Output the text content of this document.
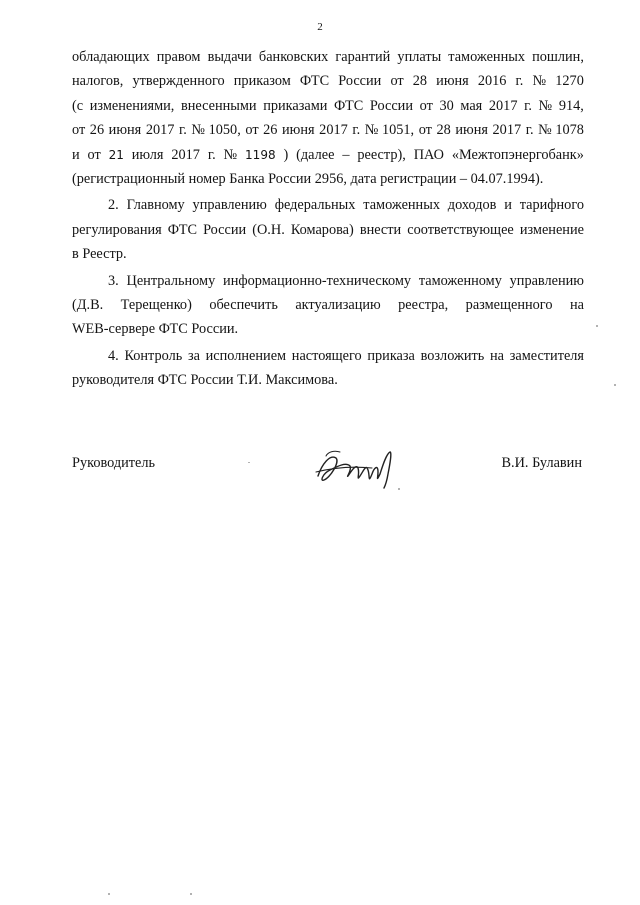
2
обладающих правом выдачи банковских гарантий уплаты таможенных пошлин,
налогов, утвержденного приказом ФТС России от 28 июня 2016 г. № 1270
(с изменениями, внесенными приказами ФТС России от 30 мая 2017 г. № 914,
от 26 июня 2017 г. № 1050, от 26 июня 2017 г. № 1051, от 28 июня 2017 г. № 1078
и от 21 июля 2017 г. № 1198 ) (далее – реестр), ПАО «Межтопэнергобанк»
(регистрационный номер Банка России 2956, дата регистрации – 04.07.1994).
2. Главному управлению федеральных таможенных доходов и тарифного
регулирования ФТС России (О.Н. Комарова) внести соответствующее изменение
в Реестр.
3. Центральному информационно-техническому таможенному управлению
(Д.В. Терещенко) обеспечить актуализацию реестра, размещенного на
WEB-сервере ФТС России.
4. Контроль за исполнением настоящего приказа возложить на заместителя
руководителя ФТС России Т.И. Максимова.
Руководитель	В.И. Булавин
